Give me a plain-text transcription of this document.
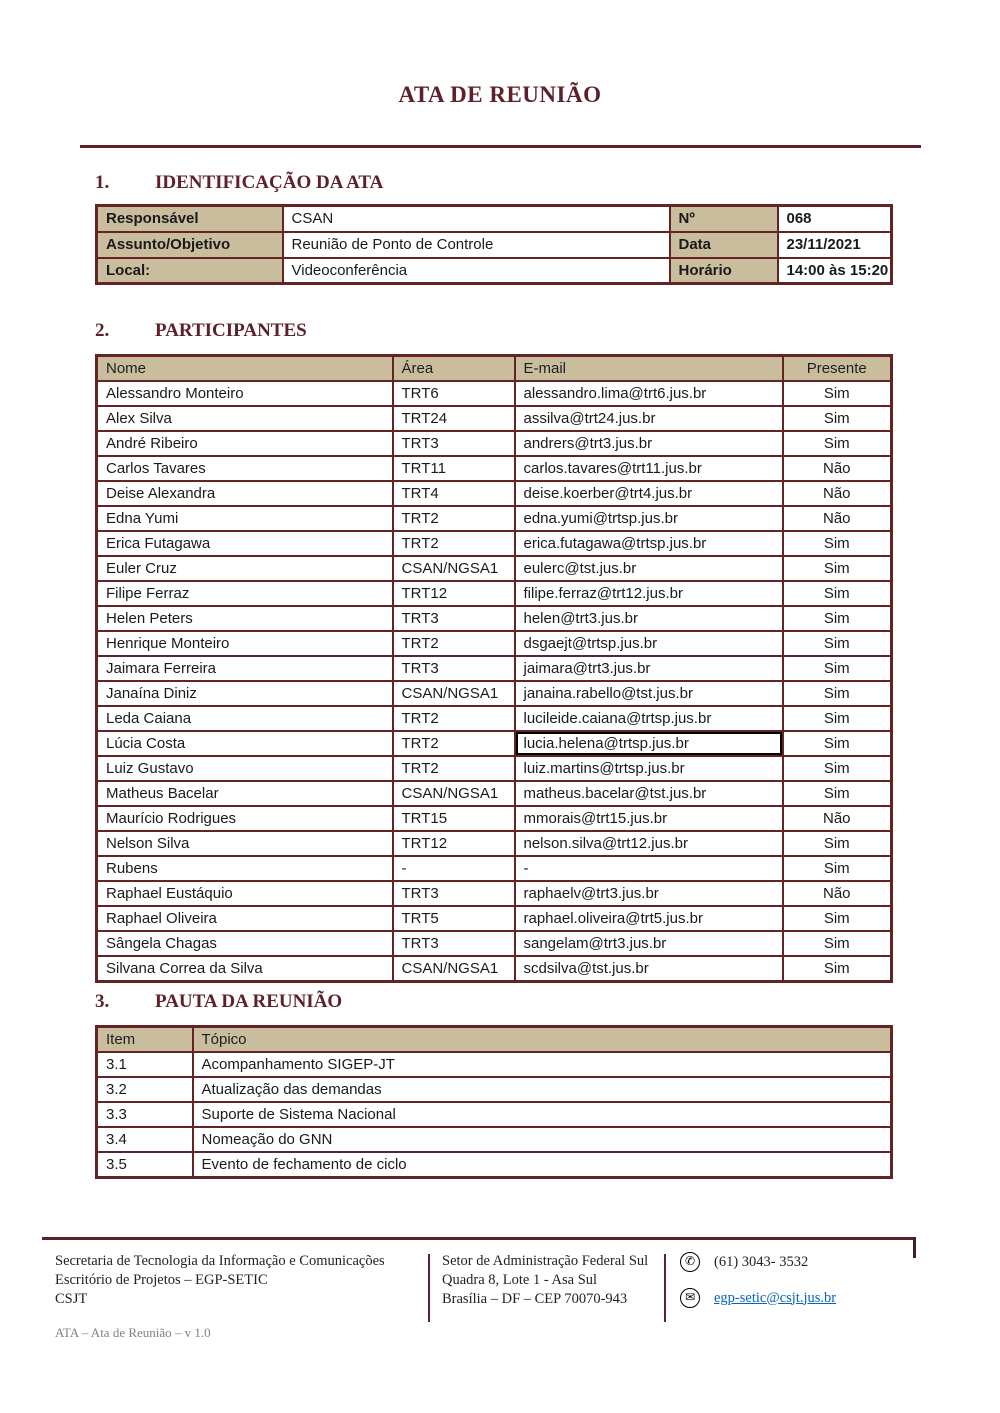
ATA DE REUNIÃO
1. IDENTIFICAÇÃO DA ATA
Responsável	CSAN	Nº	068
Assunto/Objetivo	Reunião de Ponto de Controle	Data	23/11/2021
Local:	Videoconferência	Horário	14:00 às 15:20
2. PARTICIPANTES
Nome	Área	E-mail	Presente
Alessandro Monteiro	TRT6	alessandro.lima@trt6.jus.br	Sim
Alex Silva	TRT24	assilva@trt24.jus.br	Sim
André Ribeiro	TRT3	andrers@trt3.jus.br	Sim
Carlos Tavares	TRT11	carlos.tavares@trt11.jus.br	Não
Deise Alexandra	TRT4	deise.koerber@trt4.jus.br	Não
Edna Yumi	TRT2	edna.yumi@trtsp.jus.br	Não
Erica Futagawa	TRT2	erica.futagawa@trtsp.jus.br	Sim
Euler Cruz	CSAN/NGSA1	eulerc@tst.jus.br	Sim
Filipe Ferraz	TRT12	filipe.ferraz@trt12.jus.br	Sim
Helen Peters	TRT3	helen@trt3.jus.br	Sim
Henrique Monteiro	TRT2	dsgaejt@trtsp.jus.br	Sim
Jaimara Ferreira	TRT3	jaimara@trt3.jus.br	Sim
Janaína Diniz	CSAN/NGSA1	janaina.rabello@tst.jus.br	Sim
Leda Caiana	TRT2	lucileide.caiana@trtsp.jus.br	Sim
Lúcia Costa	TRT2	lucia.helena@trtsp.jus.br	Sim
Luiz Gustavo	TRT2	luiz.martins@trtsp.jus.br	Sim
Matheus Bacelar	CSAN/NGSA1	matheus.bacelar@tst.jus.br	Sim
Maurício Rodrigues	TRT15	mmorais@trt15.jus.br	Não
Nelson Silva	TRT12	nelson.silva@trt12.jus.br	Sim
Rubens	-	-	Sim
Raphael Eustáquio	TRT3	raphaelv@trt3.jus.br	Não
Raphael Oliveira	TRT5	raphael.oliveira@trt5.jus.br	Sim
Sângela Chagas	TRT3	sangelam@trt3.jus.br	Sim
Silvana Correa da Silva	CSAN/NGSA1	scdsilva@tst.jus.br	Sim
3. PAUTA DA REUNIÃO
Item	Tópico
3.1	Acompanhamento SIGEP-JT
3.2	Atualização das demandas
3.3	Suporte de Sistema Nacional
3.4	Nomeação do GNN
3.5	Evento de fechamento de ciclo
Secretaria de Tecnologia da Informação e Comunicações
Escritório de Projetos – EGP-SETIC
CSJT
Setor de Administração Federal Sul
Quadra 8, Lote 1 - Asa Sul
Brasília – DF – CEP 70070-943
✆	(61) 3043- 3532
✉	egp-setic@csjt.jus.br
ATA – Ata de Reunião – v 1.0
